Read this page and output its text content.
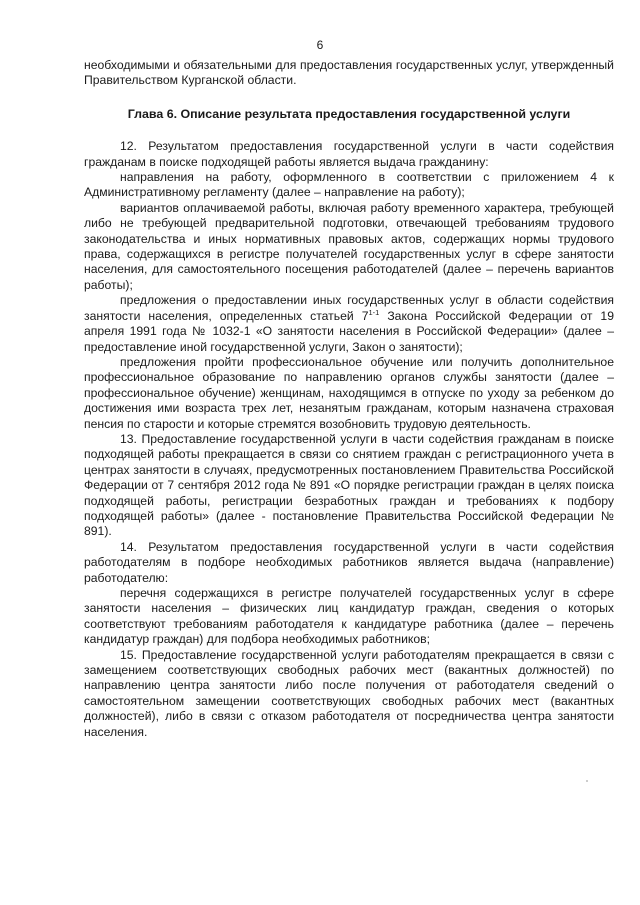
6

необходимыми и обязательными для предоставления государственных услуг, утвержденный Правительством Курганской области.

Глава 6. Описание результата предоставления государственной услуги

12. Результатом предоставления государственной услуги в части содействия гражданам в поиске подходящей работы является выдача гражданину:

направления на работу, оформленного в соответствии с приложением 4 к Административному регламенту (далее – направление на работу);

вариантов оплачиваемой работы, включая работу временного характера, требующей либо не требующей предварительной подготовки, отвечающей требованиям трудового законодательства и иных нормативных правовых актов, содержащих нормы трудового права, содержащихся в регистре получателей государственных услуг в сфере занятости населения, для самостоятельного посещения работодателей (далее – перечень вариантов работы);

предложения о предоставлении иных государственных услуг в области содействия занятости населения, определенных статьей 7$^{1-1}$ Закона Российской Федерации от 19 апреля 1991 года № 1032-1 «О занятости населения в Российской Федерации» (далее – предоставление иной государственной услуги, Закон о занятости);

предложения пройти профессиональное обучение или получить дополнительное профессиональное образование по направлению органов службы занятости (далее – профессиональное обучение) женщинам, находящимся в отпуске по уходу за ребенком до достижения ими возраста трех лет, незанятым гражданам, которым назначена страховая пенсия по старости и которые стремятся возобновить трудовую деятельность.

13. Предоставление государственной услуги в части содействия гражданам в поиске подходящей работы прекращается в связи со снятием граждан с регистрационного учета в центрах занятости в случаях, предусмотренных постановлением Правительства Российской Федерации от 7 сентября 2012 года № 891 «О порядке регистрации граждан в целях поиска подходящей работы, регистрации безработных граждан и требованиях к подбору подходящей работы» (далее - постановление Правительства Российской Федерации № 891).

14. Результатом предоставления государственной услуги в части содействия работодателям в подборе необходимых работников является выдача (направление) работодателю:

перечня содержащихся в регистре получателей государственных услуг в сфере занятости населения – физических лиц кандидатур граждан, сведения о которых соответствуют требованиям работодателя к кандидатуре работника (далее – перечень кандидатур граждан) для подбора необходимых работников;

15. Предоставление государственной услуги работодателям прекращается в связи с замещением соответствующих свободных рабочих мест (вакантных должностей) по направлению центра занятости либо после получения от работодателя сведений о самостоятельном замещении соответствующих свободных рабочих мест (вакантных должностей), либо в связи с отказом работодателя от посредничества центра занятости населения.
